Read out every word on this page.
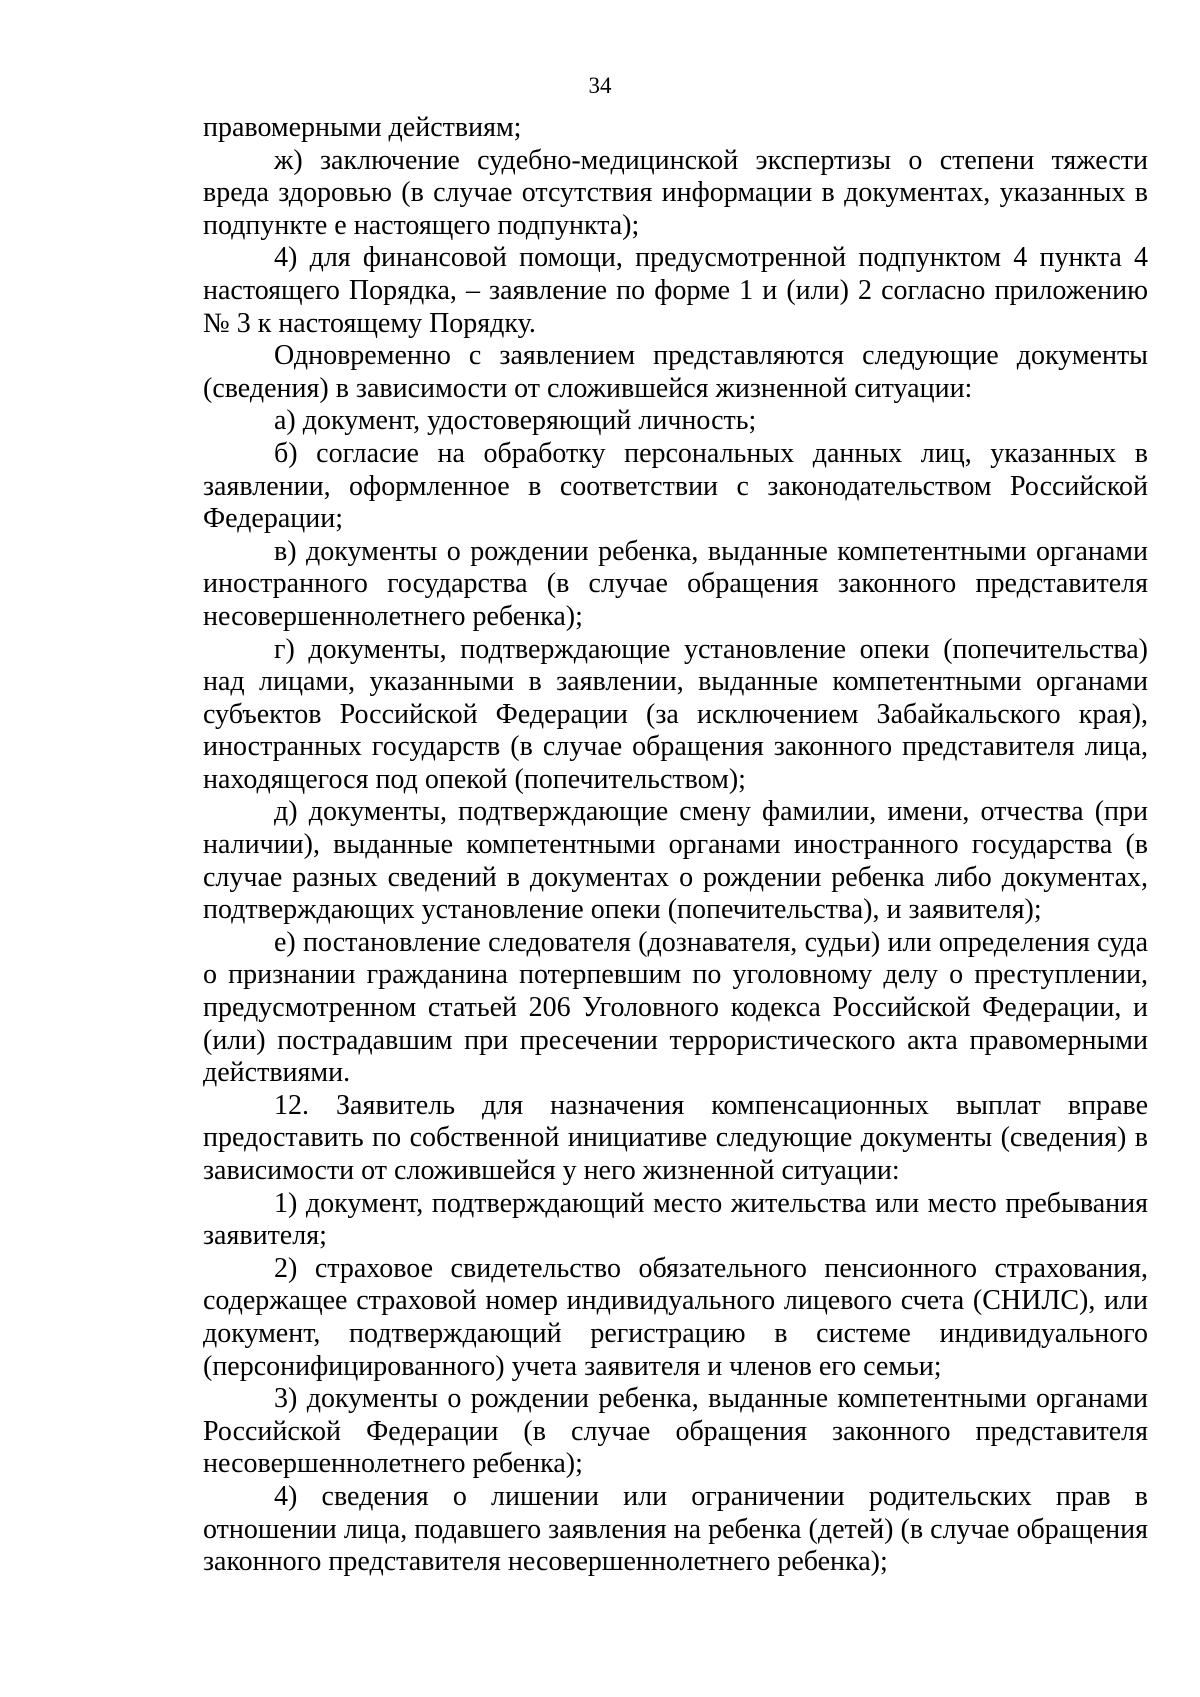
34

правомерными действиям;

ж) заключение судебно-медицинской экспертизы о степени тяжести вреда здоровью (в случае отсутствия информации в документах, указанных в подпункте е настоящего подпункта);

4) для финансовой помощи, предусмотренной подпунктом 4 пункта 4 настоящего Порядка, – заявление по форме 1 и (или) 2 согласно приложению № 3 к настоящему Порядку.

Одновременно с заявлением представляются следующие документы (сведения) в зависимости от сложившейся жизненной ситуации:

а) документ, удостоверяющий личность;

б) согласие на обработку персональных данных лиц, указанных в заявлении, оформленное в соответствии с законодательством Российской Федерации;

в) документы о рождении ребенка, выданные компетентными органами иностранного государства (в случае обращения законного представителя несовершеннолетнего ребенка);

г) документы, подтверждающие установление опеки (попечительства) над лицами, указанными в заявлении, выданные компетентными органами субъектов Российской Федерации (за исключением Забайкальского края), иностранных государств (в случае обращения законного представителя лица, находящегося под опекой (попечительством);

д) документы, подтверждающие смену фамилии, имени, отчества (при наличии), выданные компетентными органами иностранного государства (в случае разных сведений в документах о рождении ребенка либо документах, подтверждающих установление опеки (попечительства), и заявителя);

е) постановление следователя (дознавателя, судьи) или определения суда о признании гражданина потерпевшим по уголовному делу о преступлении, предусмотренном статьей 206 Уголовного кодекса Российской Федерации, и (или) пострадавшим при пресечении террористического акта правомерными действиями.

12. Заявитель для назначения компенсационных выплат вправе предоставить по собственной инициативе следующие документы (сведения) в зависимости от сложившейся у него жизненной ситуации:

1) документ, подтверждающий место жительства или место пребывания заявителя;

2) страховое свидетельство обязательного пенсионного страхования, содержащее страховой номер индивидуального лицевого счета (СНИЛС), или документ, подтверждающий регистрацию в системе индивидуального (персонифицированного) учета заявителя и членов его семьи;

3) документы о рождении ребенка, выданные компетентными органами Российской Федерации (в случае обращения законного представителя несовершеннолетнего ребенка);

4) сведения о лишении или ограничении родительских прав в отношении лица, подавшего заявления на ребенка (детей) (в случае обращения законного представителя несовершеннолетнего ребенка);
